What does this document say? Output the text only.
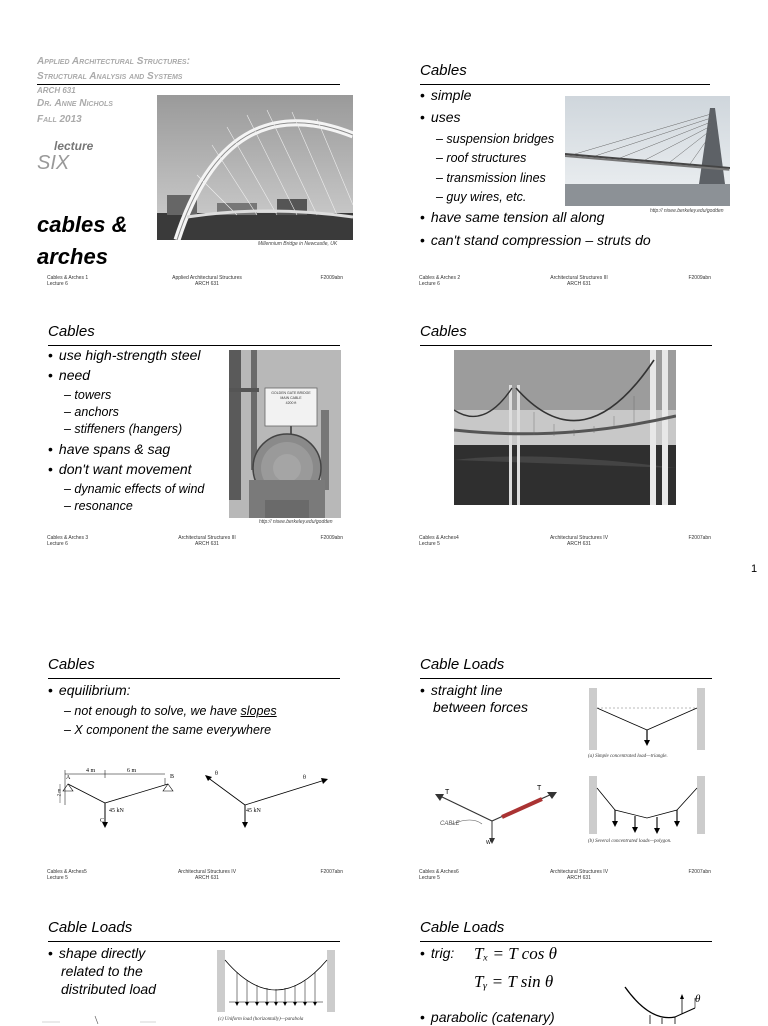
Applied Architectural Structures:
Structural Analysis and Systems
ARCH 631
Dr. Anne Nichols
Fall 2013
lecture
SIX
cables &
arches	Millennium Bridge in Newcastle, UK
Cables & Arches 1
Lecture 6
Applied Architectural Structures
ARCH 631
F2009abn
Cables
• simple
• uses
– suspension bridges
– roof structures
– transmission lines
– guy wires, etc.
• have same tension all along
• can't stand compression – struts do
http:// nisee.berkeley.edu/godden
Cables & Arches 2
Lecture 6
Architectural Structures III
ARCH 631
F2009abn
Cables
• use high-strength steel
• need
– towers
– anchors
– stiffeners (hangers)
• have spans & sag
• don't want movement
– dynamic effects of wind
– resonance
GOLDEN GATE BRIDGE
MAIN CABLE
4200 ft
http:// nisee.berkeley.edu/godden
Cables & Arches 3
Lecture 6
Architectural Structures III
ARCH 631
F2009abn
Cables
Cables & Arches4
Lecture 5
Architectural Structures IV
ARCH 631
F2007abn
1
Cables
• equilibrium:
– not enough to solve, we have slopes
– X component the same everywhere
A	B
C
4 m	6 m
2 m
45 kN
θ
θ
45 kN
Cables & Arches5
Lecture 5
Architectural Structures IV
ARCH 631
F2007abn
Cable Loads
• straight line
between forces
(a) Simple concentrated load—triangle.
T
T
CABLE
W	(b) Several concentrated loads—polygon.
Cables & Arches6
Lecture 5
Architectural Structures IV
ARCH 631
F2007abn
Cable Loads
• shape directly
related to the
distributed load
(c) Uniform load (horizontally)—parabola
Cable Loads
• trig: Tₓ = T cos θ
Tᵧ = T sin θ
• parabolic (catenary)
θ
